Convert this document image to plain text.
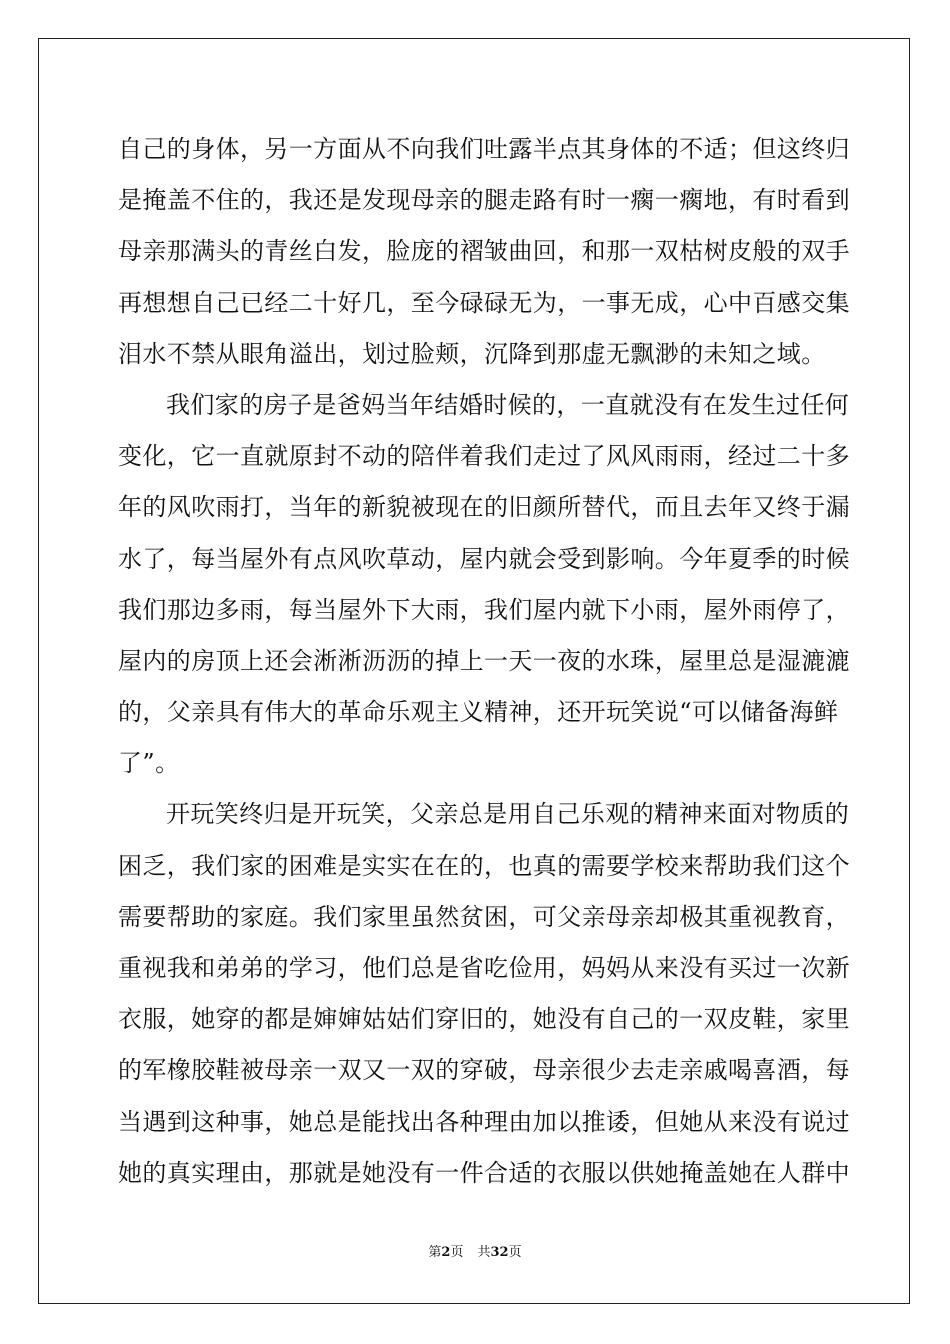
自己的身体，另一方面从不向我们吐露半点其身体的不适；但这终归
是掩盖不住的，我还是发现母亲的腿走路有时一瘸一瘸地，有时看到
母亲那满头的青丝白发，脸庞的褶皱曲回，和那一双枯树皮般的双手
再想想自己已经二十好几，至今碌碌无为，一事无成，心中百感交集
泪水不禁从眼角溢出，划过脸颊，沉降到那虚无飘渺的未知之域。
我们家的房子是爸妈当年结婚时候的，一直就没有在发生过任何
变化，它一直就原封不动的陪伴着我们走过了风风雨雨，经过二十多
年的风吹雨打，当年的新貌被现在的旧颜所替代，而且去年又终于漏
水了，每当屋外有点风吹草动，屋内就会受到影响。今年夏季的时候
我们那边多雨，每当屋外下大雨，我们屋内就下小雨，屋外雨停了，
屋内的房顶上还会淅淅沥沥的掉上一天一夜的水珠，屋里总是湿漉漉
的，父亲具有伟大的革命乐观主义精神，还开玩笑说“可以储备海鲜
了”。
开玩笑终归是开玩笑，父亲总是用自己乐观的精神来面对物质的
困乏，我们家的困难是实实在在的，也真的需要学校来帮助我们这个
需要帮助的家庭。我们家里虽然贫困，可父亲母亲却极其重视教育，
重视我和弟弟的学习，他们总是省吃俭用，妈妈从来没有买过一次新
衣服，她穿的都是婶婶姑姑们穿旧的，她没有自己的一双皮鞋，家里
的军橡胶鞋被母亲一双又一双的穿破，母亲很少去走亲戚喝喜酒，每
当遇到这种事，她总是能找出各种理由加以推诿，但她从来没有说过
她的真实理由，那就是她没有一件合适的衣服以供她掩盖她在人群中
第2页 共32页
